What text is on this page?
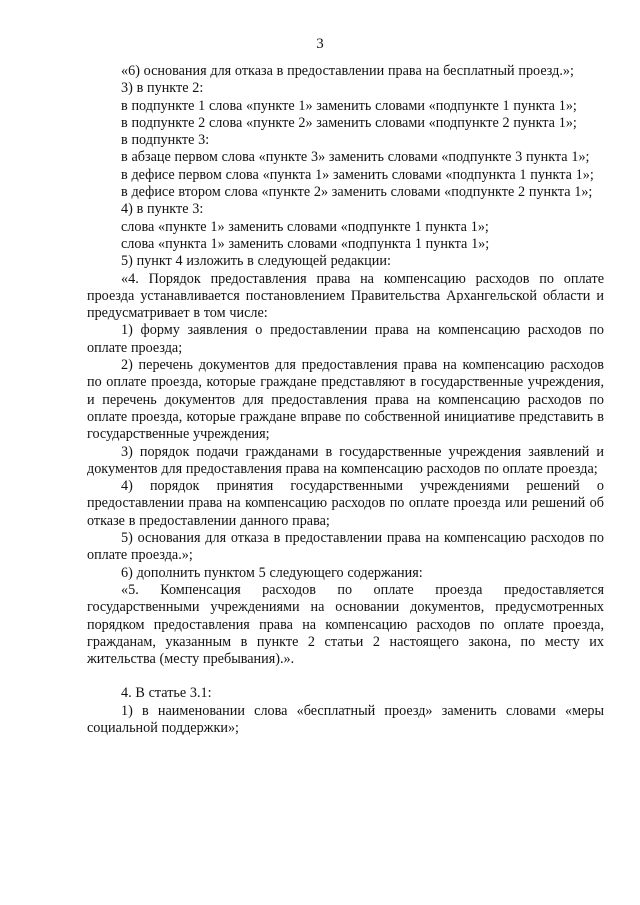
3

«6) основания для отказа в предоставлении права на бесплатный проезд.»;

3) в пункте 2:

в подпункте 1 слова «пункте 1» заменить словами «подпункте 1 пункта 1»;

в подпункте 2 слова «пункте 2» заменить словами «подпункте 2 пункта 1»;

в подпункте 3:

в абзаце первом слова «пункте 3» заменить словами «подпункте 3 пункта 1»;

в дефисе первом слова «пункта 1» заменить словами «подпункта 1 пункта 1»;

в дефисе втором слова «пункте 2» заменить словами «подпункте 2 пункта 1»;

4) в пункте 3:

слова «пункте 1» заменить словами «подпункте 1 пункта 1»;

слова «пункта 1» заменить словами «подпункта 1 пункта 1»;

5) пункт 4 изложить в следующей редакции:

«4. Порядок предоставления права на компенсацию расходов по оплате проезда устанавливается постановлением Правительства Архангельской области и предусматривает в том числе:

1) форму заявления о предоставлении права на компенсацию расходов по оплате проезда;

2) перечень документов для предоставления права на компенсацию расходов по оплате проезда, которые граждане представляют в государственные учреждения, и перечень документов для предоставления права на компенсацию расходов по оплате проезда, которые граждане вправе по собственной инициативе представить в государственные учреждения;

3) порядок подачи гражданами в государственные учреждения заявлений и документов для предоставления права на компенсацию расходов по оплате проезда;

4) порядок принятия государственными учреждениями решений о предоставлении права на компенсацию расходов по оплате проезда или решений об отказе в предоставлении данного права;

5) основания для отказа в предоставлении права на компенсацию расходов по оплате проезда.»;

6) дополнить пунктом 5 следующего содержания:

«5. Компенсация расходов по оплате проезда предоставляется государственными учреждениями на основании документов, предусмотренных порядком предоставления права на компенсацию расходов по оплате проезда, гражданам, указанным в пункте 2 статьи 2 настоящего закона, по месту их жительства (месту пребывания).».

4. В статье 3.1:

1) в наименовании слова «бесплатный проезд» заменить словами «меры социальной поддержки»;
